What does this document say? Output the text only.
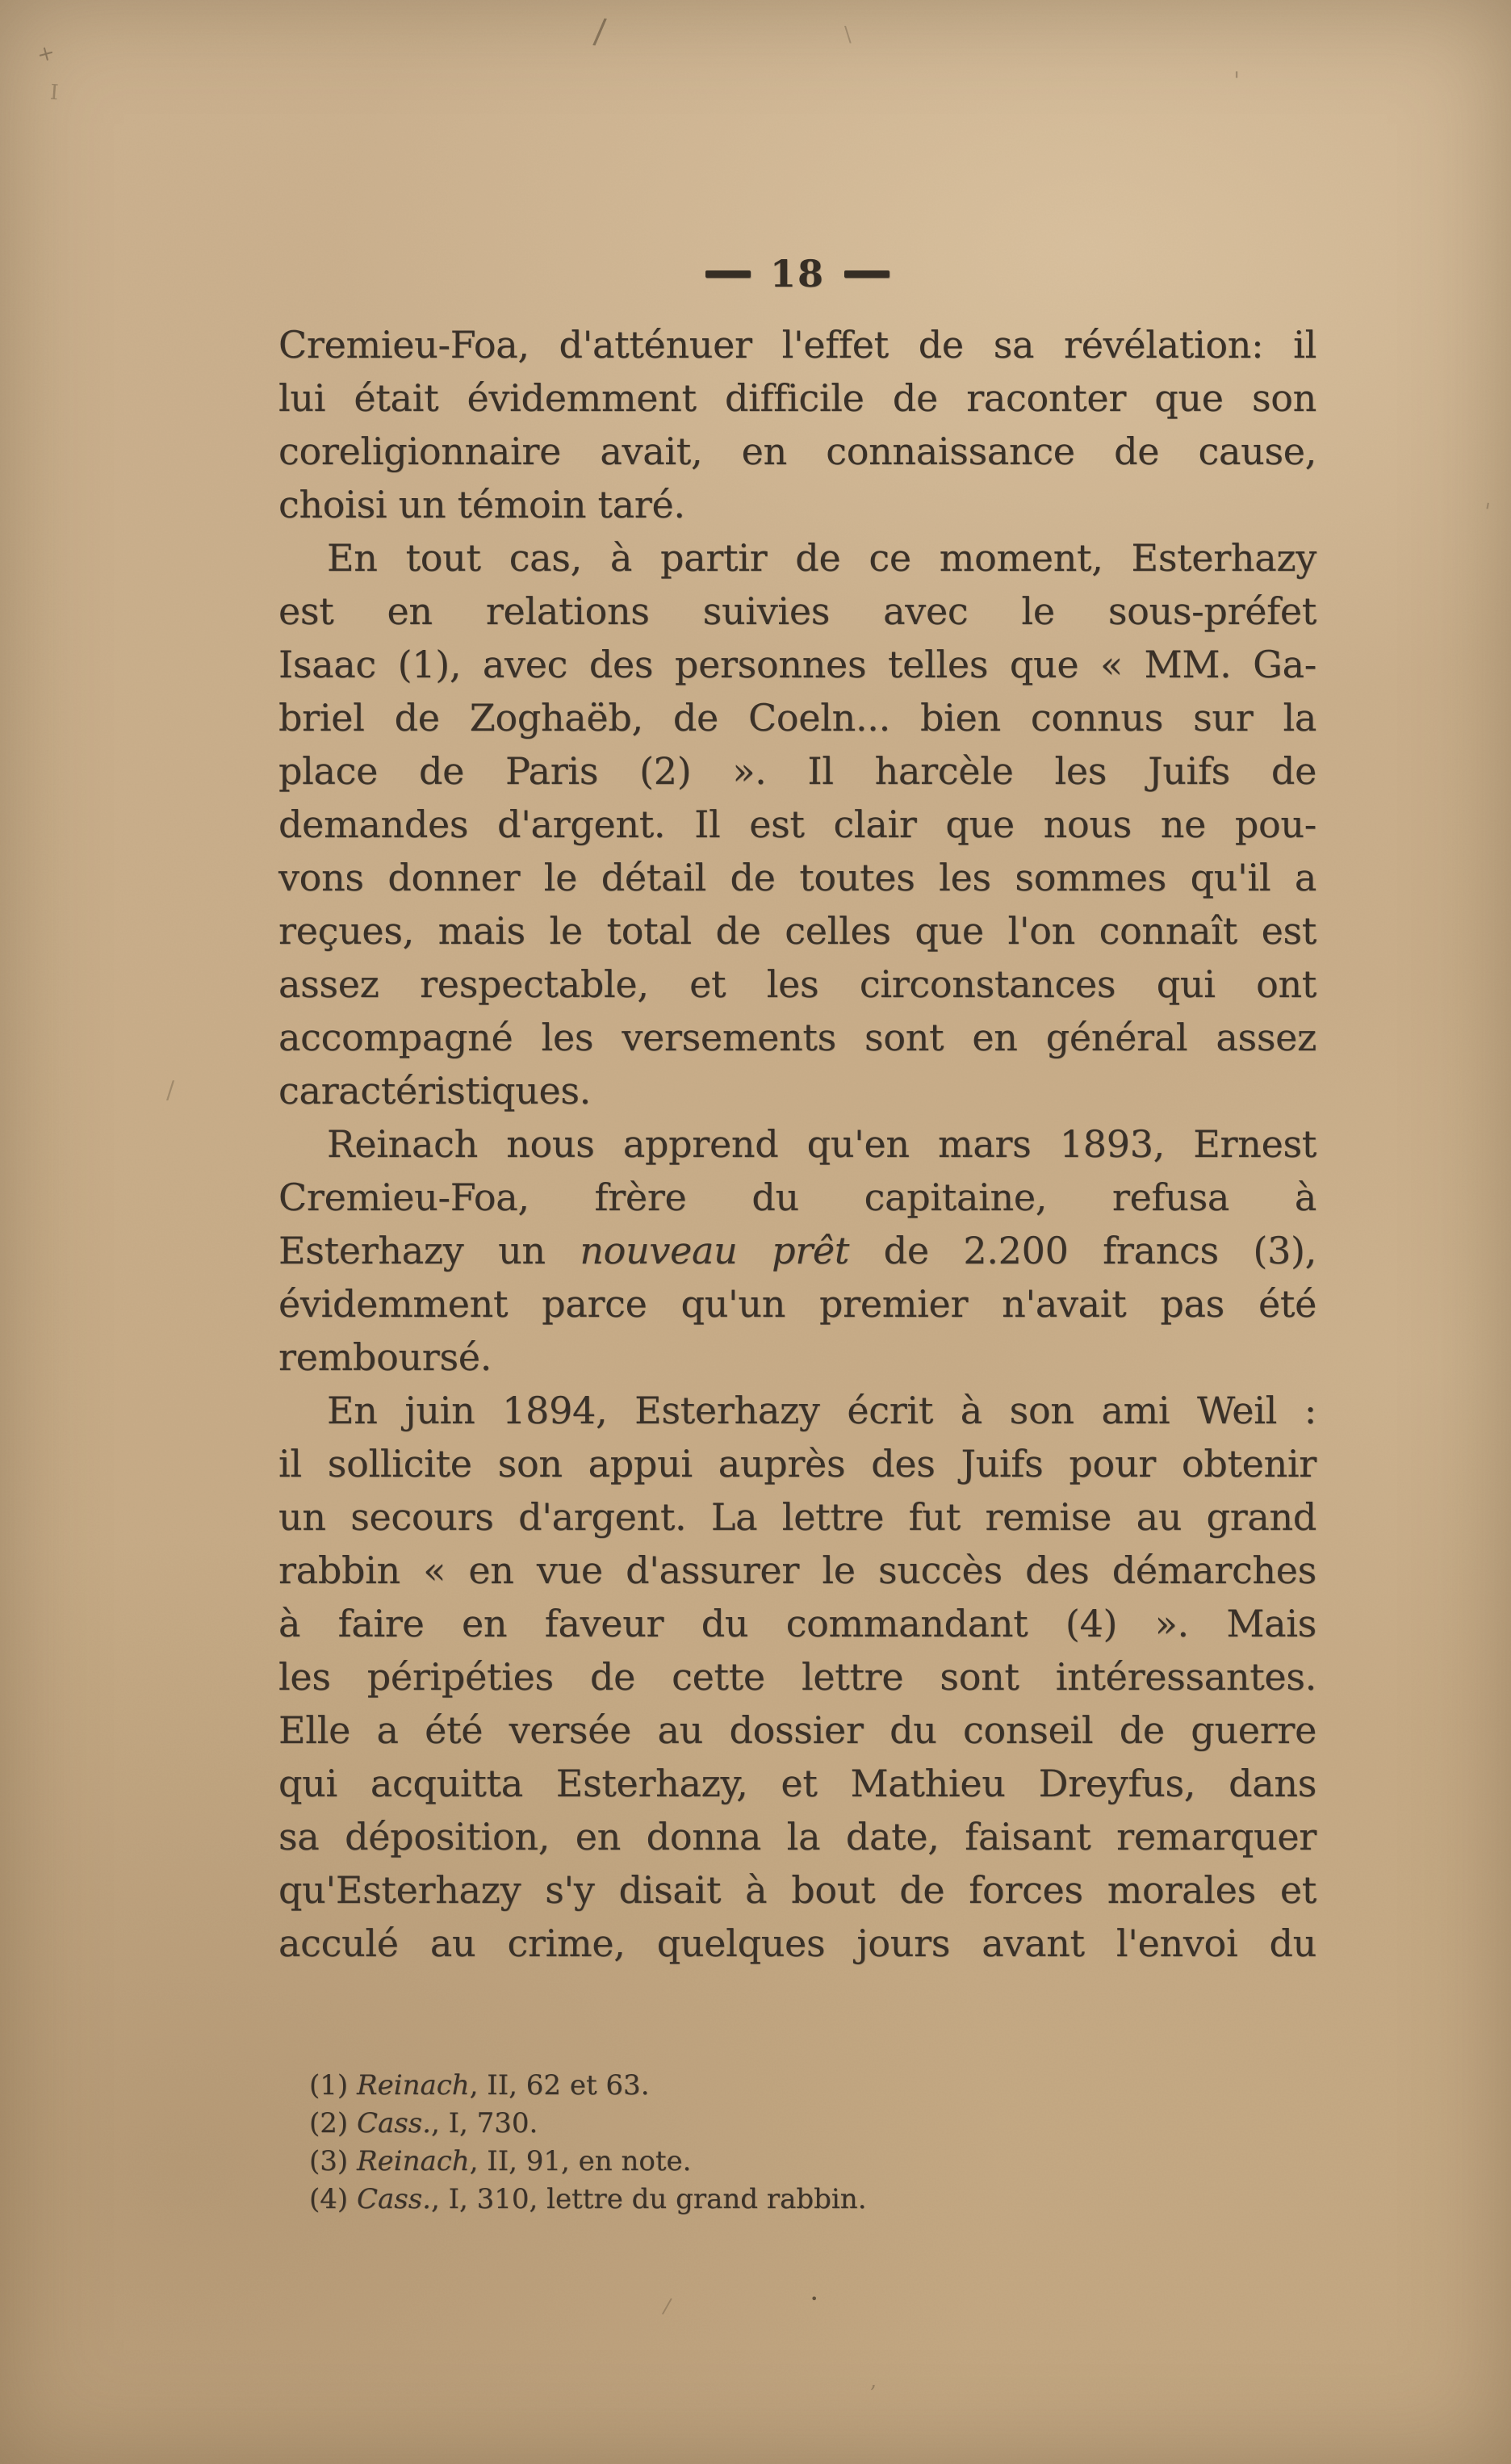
18

Cremieu-Foa, d'atténuer l'effet de sa révélation: il
lui était évidemment difficile de raconter que son
coreligionnaire avait, en connaissance de cause,
choisi un témoin taré.

En tout cas, à partir de ce moment, Esterhazy
est en relations suivies avec le sous-préfet
Isaac (1), avec des personnes telles que « MM. Ga-
briel de Zoghaëb, de Coeln... bien connus sur la
place de Paris (2) ». Il harcèle les Juifs de
demandes d'argent. Il est clair que nous ne pou-
vons donner le détail de toutes les sommes qu'il a
reçues, mais le total de celles que l'on connaît est
assez respectable, et les circonstances qui ont
accompagné les versements sont en général assez
caractéristiques.

Reinach nous apprend qu'en mars 1893, Ernest
Cremieu-Foa, frère du capitaine, refusa à
Esterhazy un nouveau prêt de 2.200 francs (3),
évidemment parce qu'un premier n'avait pas été
remboursé.

En juin 1894, Esterhazy écrit à son ami Weil :
il sollicite son appui auprès des Juifs pour obtenir
un secours d'argent. La lettre fut remise au grand
rabbin « en vue d'assurer le succès des démarches
à faire en faveur du commandant (4) ». Mais
les péripéties de cette lettre sont intéressantes.
Elle a été versée au dossier du conseil de guerre
qui acquitta Esterhazy, et Mathieu Dreyfus, dans
sa déposition, en donna la date, faisant remarquer
qu'Esterhazy s'y disait à bout de forces morales et
acculé au crime, quelques jours avant l'envoi du

(1) Reinach, II, 62 et 63.
(2) Cass., I, 730.
(3) Reinach, II, 91, en note.
(4) Cass., I, 310, lettre du grand rabbin.
+
I
/	\
'
/
'
/	•
,
